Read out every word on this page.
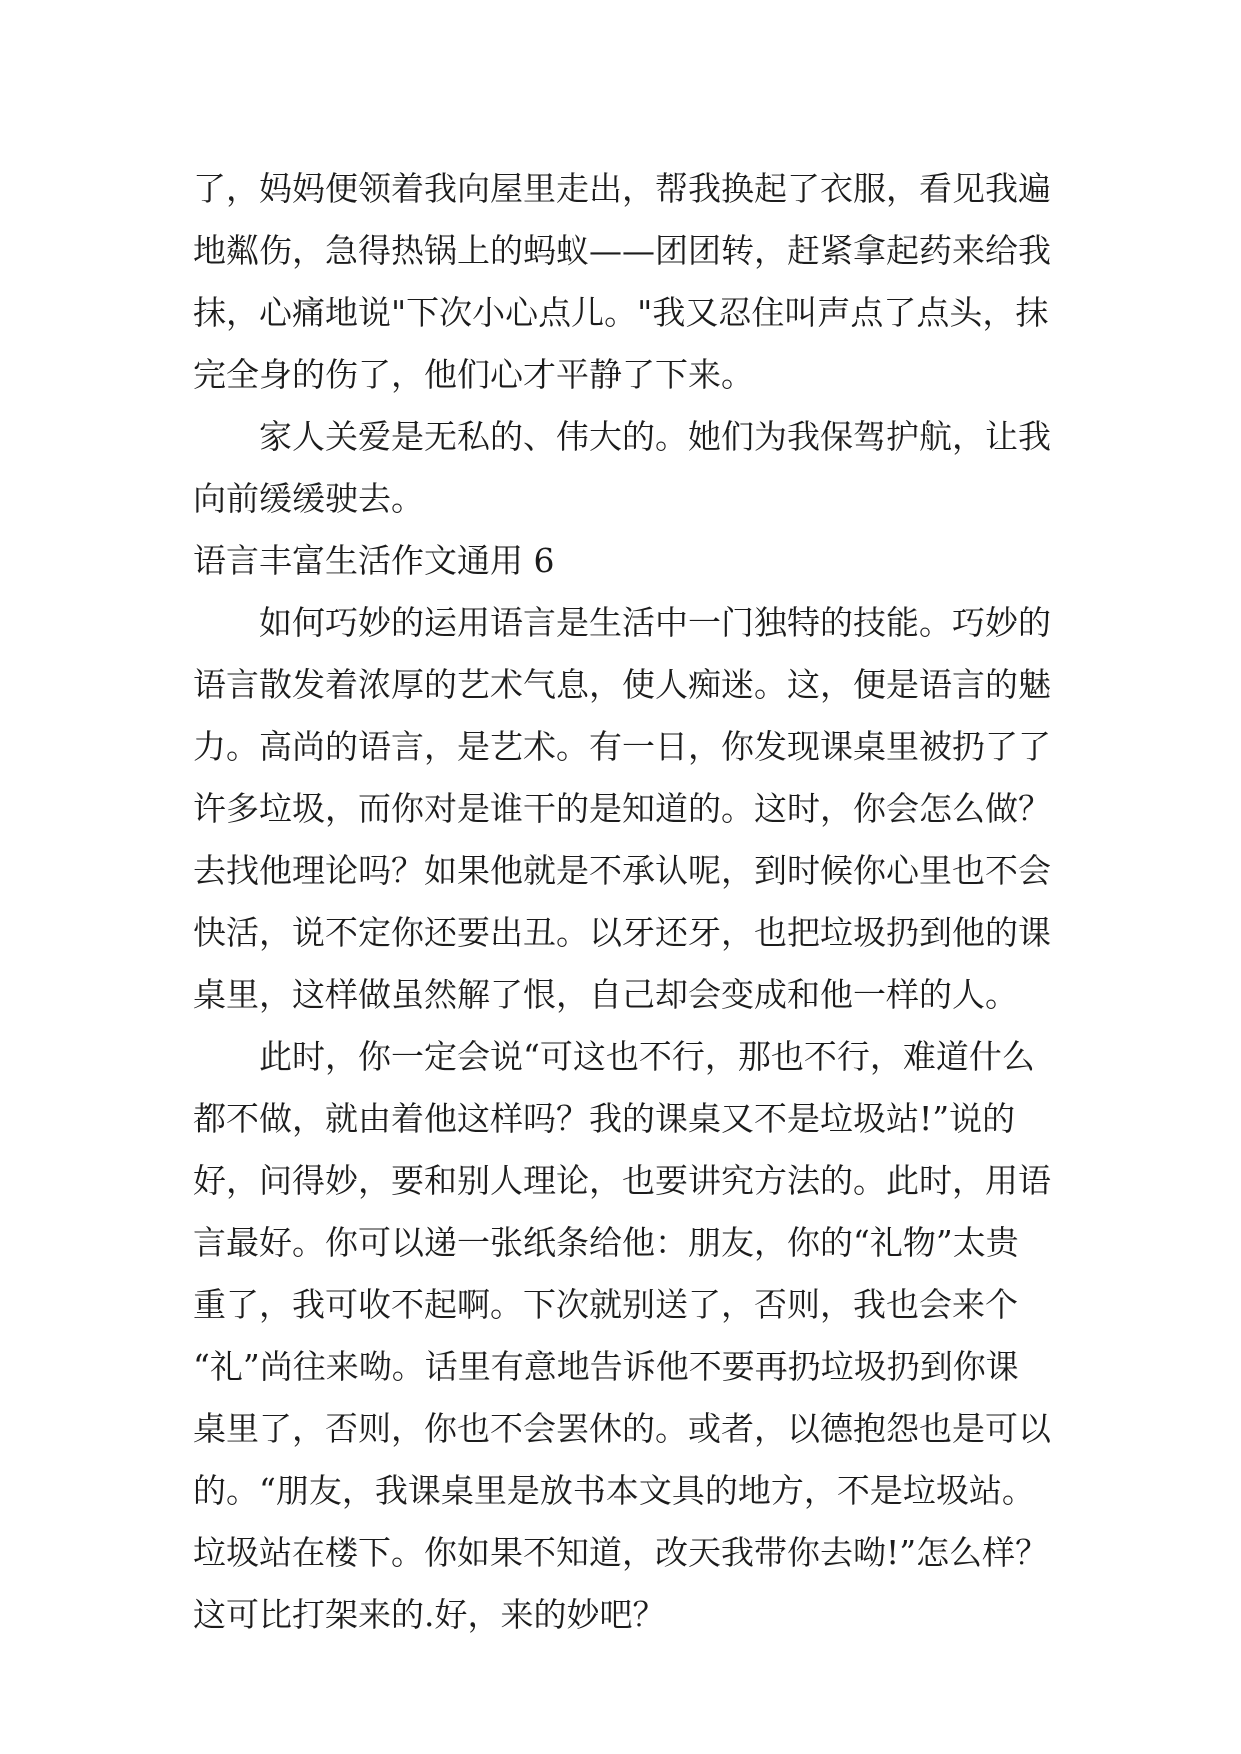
了，妈妈便领着我向屋里走出，帮我换起了衣服，看见我遍
地粼伤，急得热锅上的蚂蚁——团团转，赶紧拿起药来给我
抹，心痛地说"下次小心点儿。"我又忍住叫声点了点头，抹
完全身的伤了，他们心才平静了下来。
家人关爱是无私的、伟大的。她们为我保驾护航，让我
向前缓缓驶去。
语言丰富生活作文通用 6
如何巧妙的运用语言是生活中一门独特的技能。巧妙的
语言散发着浓厚的艺术气息，使人痴迷。这，便是语言的魅
力。高尚的语言，是艺术。有一日，你发现课桌里被扔了了
许多垃圾，而你对是谁干的是知道的。这时，你会怎么做？
去找他理论吗？如果他就是不承认呢，到时候你心里也不会
快活，说不定你还要出丑。以牙还牙，也把垃圾扔到他的课
桌里，这样做虽然解了恨，自己却会变成和他一样的人。
此时，你一定会说“可这也不行，那也不行，难道什么
都不做，就由着他这样吗？我的课桌又不是垃圾站!”说的
好，问得妙，要和别人理论，也要讲究方法的。此时，用语
言最好。你可以递一张纸条给他：朋友，你的“礼物”太贵
重了，我可收不起啊。下次就别送了，否则，我也会来个
“礼”尚往来呦。话里有意地告诉他不要再扔垃圾扔到你课
桌里了，否则，你也不会罢休的。或者，以德抱怨也是可以
的。“朋友，我课桌里是放书本文具的地方，不是垃圾站。
垃圾站在楼下。你如果不知道，改天我带你去呦!”怎么样？
这可比打架来的.好，来的妙吧？
